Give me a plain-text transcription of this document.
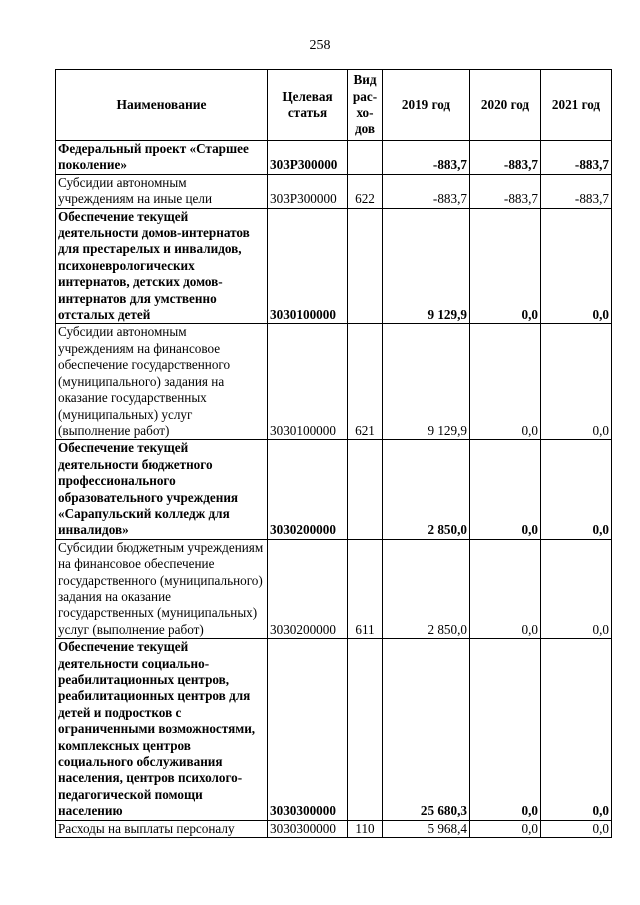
258
Наименование	Целевая статья	Вид рас-хо-дов	2019 год	2020 год	2021 год
Федеральный проект «Старшее поколение»	303P300000		-883,7	-883,7	-883,7
Субсидии автономным учреждениям на иные цели	303P300000	622	-883,7	-883,7	-883,7
Обеспечение текущей деятельности домов-интернатов для престарелых и инвалидов, психоневрологических интернатов, детских домов-интернатов для умственно отсталых детей	3030100000		9 129,9	0,0	0,0
Субсидии автономным учреждениям на финансовое обеспечение государственного (муниципального) задания на оказание государственных (муниципальных) услуг (выполнение работ)	3030100000	621	9 129,9	0,0	0,0
Обеспечение текущей деятельности бюджетного профессионального образовательного учреждения «Сарапульский колледж для инвалидов»	3030200000		2 850,0	0,0	0,0
Субсидии бюджетным учреждениям на финансовое обеспечение государственного (муниципального) задания на оказание государственных (муниципальных) услуг (выполнение работ)	3030200000	611	2 850,0	0,0	0,0
Обеспечение текущей деятельности социально-реабилитационных центров, реабилитационных центров для детей и подростков с ограниченными возможностями, комплексных центров социального обслуживания населения, центров психолого-педагогической помощи населению	3030300000		25 680,3	0,0	0,0
Расходы на выплаты персоналу	3030300000	110	5 968,4	0,0	0,0
